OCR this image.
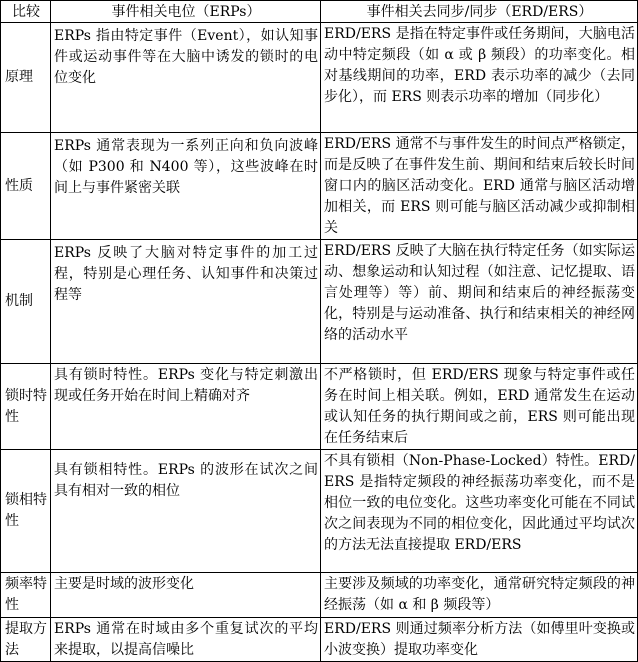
比较	事件相关电位（ERPs）	事件相关去同步/同步（ERD/ERS）
原理	ERPs 指由特定事件（Event），如认知事件或运动事件等在大脑中诱发的锁时的电位变化	ERD/ERS 是指在特定事件或任务期间，大脑电活动中特定频段（如 α 或 β 频段）的功率变化。相对基线期间的功率，ERD 表示功率的减少（去同步化），而 ERS 则表示功率的增加（同步化）
性质	ERPs 通常表现为一系列正向和负向波峰（如 P300 和 N400 等），这些波峰在时间上与事件紧密关联	ERD/ERS 通常不与事件发生的时间点严格锁定，而是反映了在事件发生前、期间和结束后较长时间窗口内的脑区活动变化。ERD 通常与脑区活动增加相关，而 ERS 则可能与脑区活动减少或抑制相关
机制	ERPs 反映了大脑对特定事件的加工过程，特别是心理任务、认知事件和决策过程等	ERD/ERS 反映了大脑在执行特定任务（如实际运动、想象运动和认知过程（如注意、记忆提取、语言处理等）等）前、期间和结束后的神经振荡变化，特别是与运动准备、执行和结束相关的神经网络的活动水平
锁时特性	具有锁时特性。ERPs 变化与特定刺激出现或任务开始在时间上精确对齐	不严格锁时，但 ERD/ERS 现象与特定事件或任务在时间上相关联。例如，ERD 通常发生在运动或认知任务的执行期间或之前，ERS 则可能出现在任务结束后
锁相特性	具有锁相特性。ERPs 的波形在试次之间具有相对一致的相位	不具有锁相（Non-Phase-Locked）特性。ERD/ERS 是指特定频段的神经振荡功率变化，而不是相位一致的电位变化。这些功率变化可能在不同试次之间表现为不同的相位变化，因此通过平均试次的方法无法直接提取 ERD/ERS
频率特性	主要是时域的波形变化	主要涉及频域的功率变化，通常研究特定频段的神经振荡（如 α 和 β 频段等）
提取方法	ERPs 通常在时域由多个重复试次的平均来提取，以提高信噪比	ERD/ERS 则通过频率分析方法（如傅里叶变换或小波变换）提取功率变化
